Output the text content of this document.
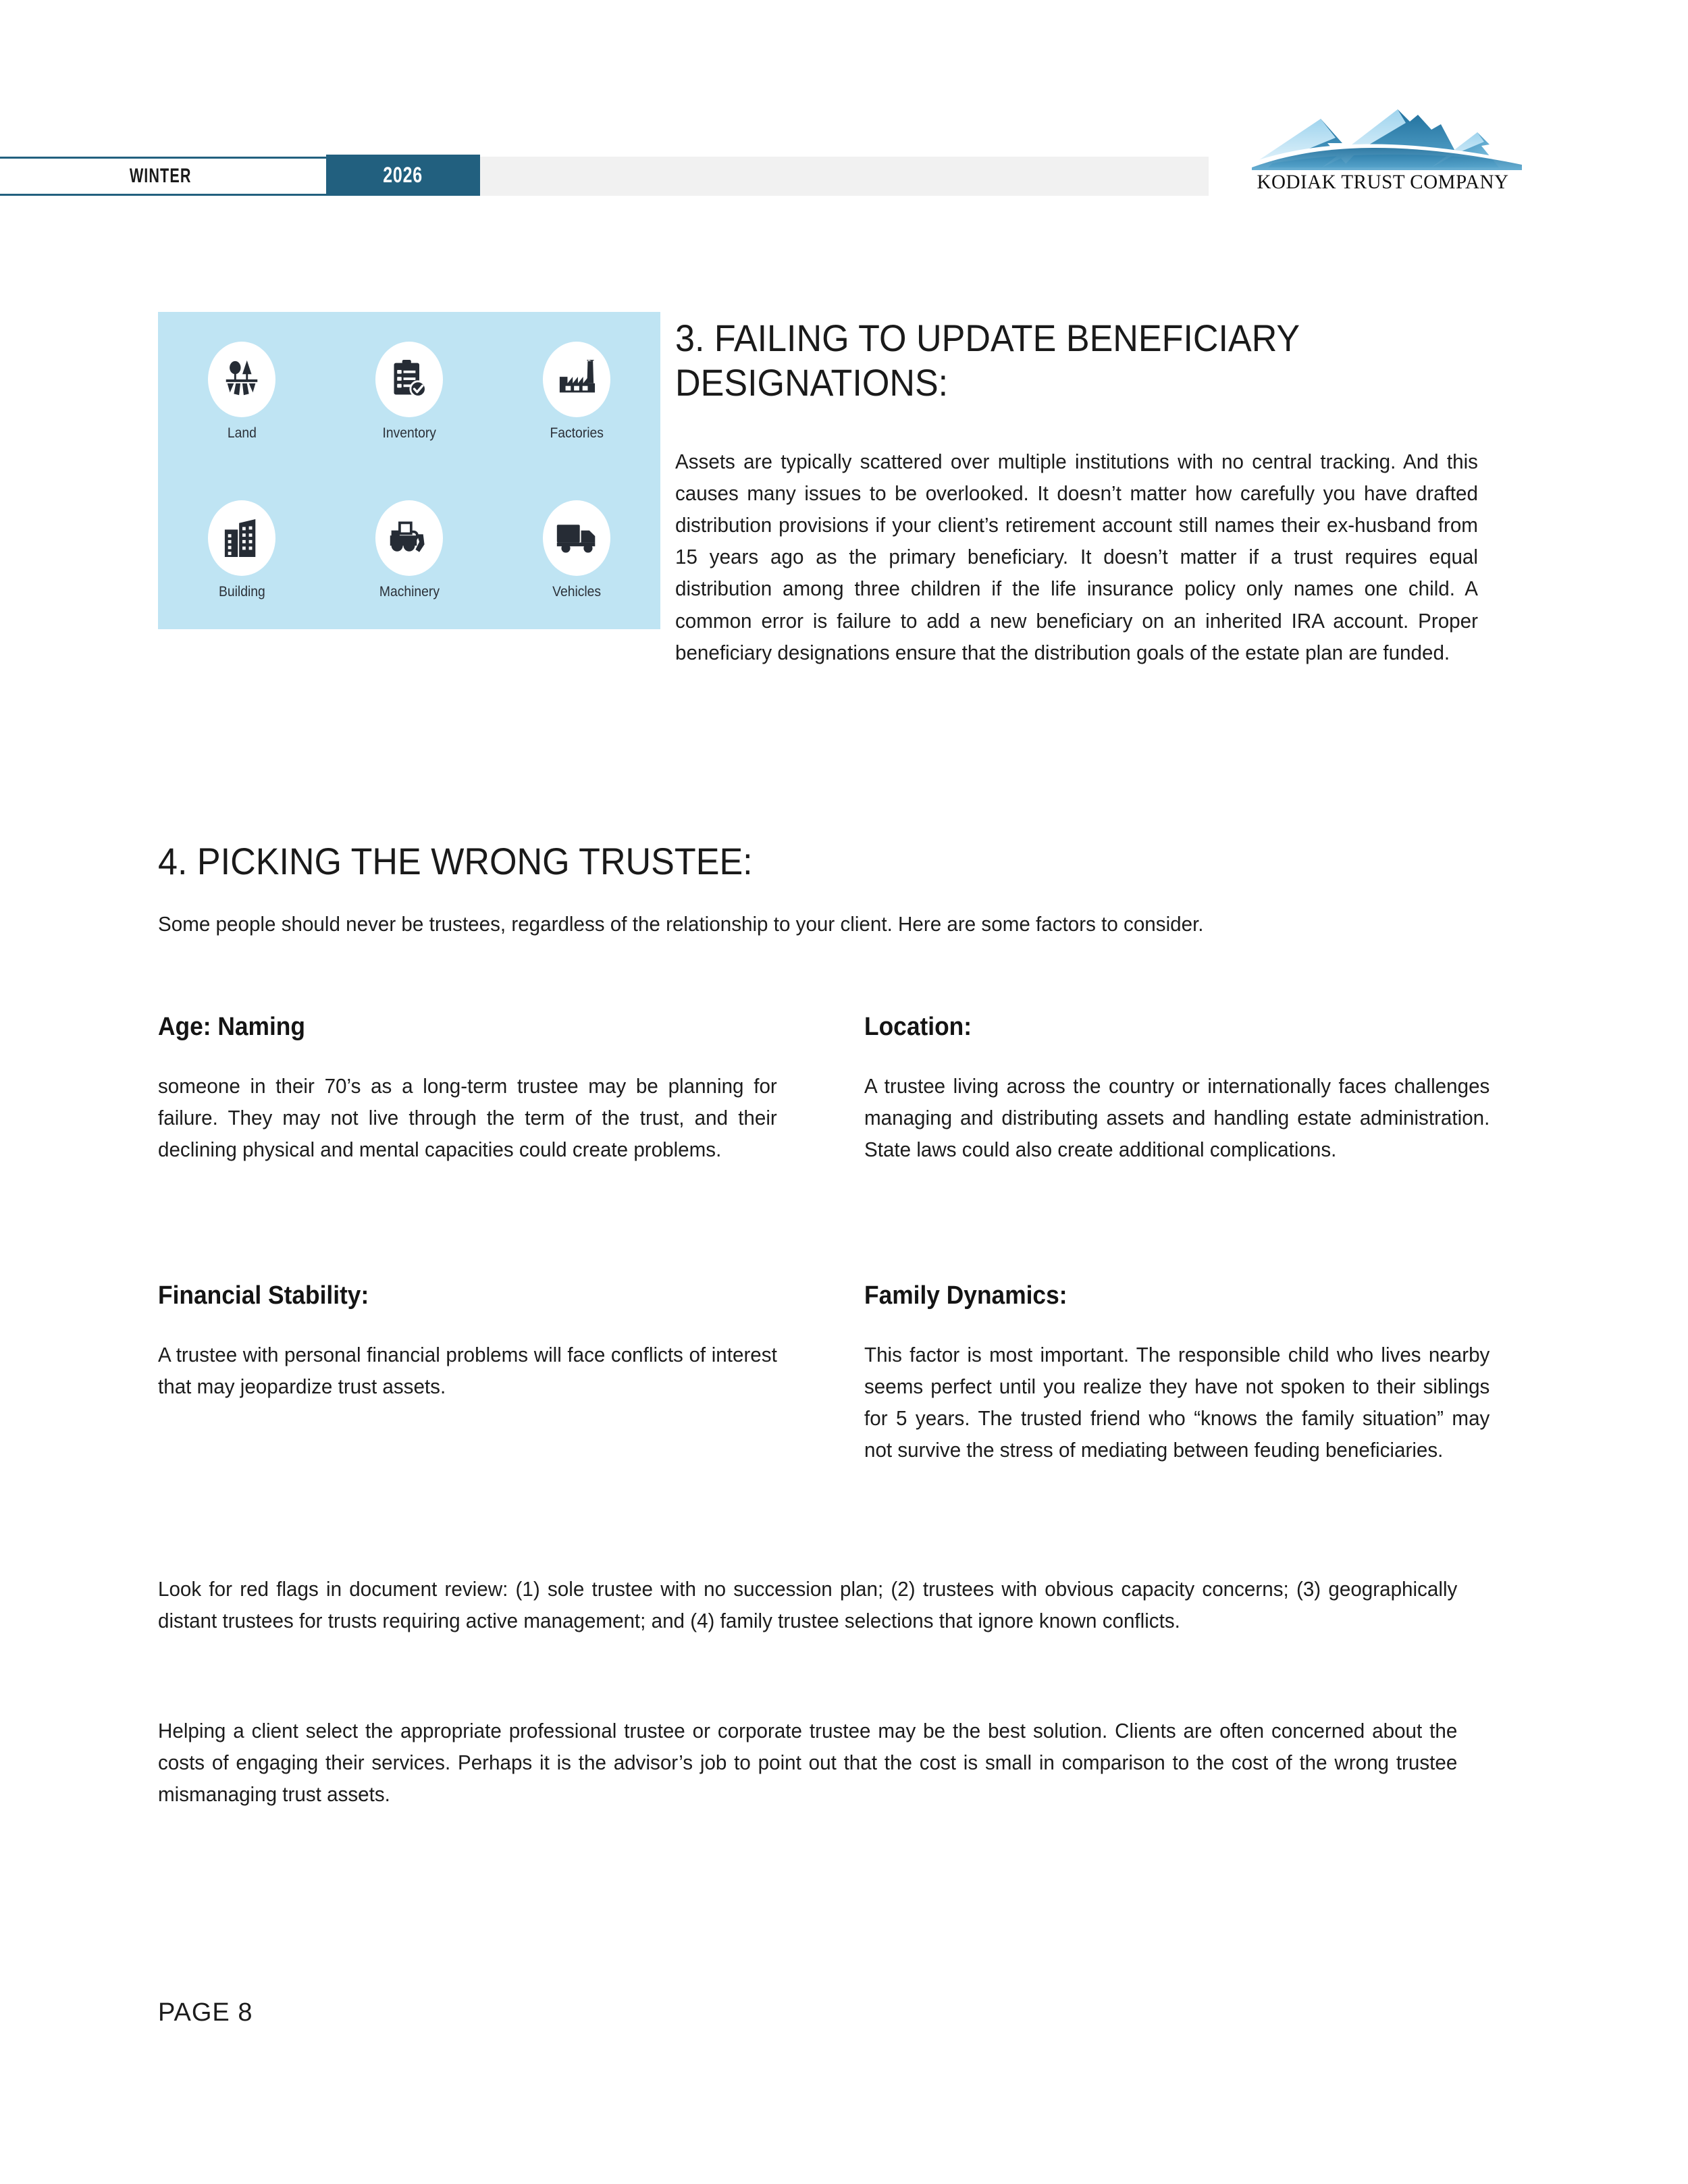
WINTER	2026	KODIAK TRUST COMPANY
Land	Inventory	Factories
Building	Machinery	Vehicles
3. FAILING TO UPDATE BENEFICIARY DESIGNATIONS:
Assets are typically scattered over multiple institutions with no central tracking. And this causes many issues to be overlooked. It doesn’t matter how carefully you have drafted distribution provisions if your client’s retirement account still names their ex-husband from 15 years ago as the primary beneficiary. It doesn’t matter if a trust requires equal distribution among three children if the life insurance policy only names one child. A common error is failure to add a new beneficiary on an inherited IRA account. Proper beneficiary designations ensure that the distribution goals of the estate plan are funded.
4. PICKING THE WRONG TRUSTEE:
Some people should never be trustees, regardless of the relationship to your client. Here are some factors to consider.
Age: Naming
someone in their 70’s as a long-term trustee may be planning for failure. They may not live through the term of the trust, and their declining physical and mental capacities could create problems.
Location:
A trustee living across the country or internationally faces challenges managing and distributing assets and handling estate administration. State laws could also create additional complications.
Financial Stability:
A trustee with personal financial problems will face conflicts of interest that may jeopardize trust assets.
Family Dynamics:
This factor is most important. The responsible child who lives nearby seems perfect until you realize they have not spoken to their siblings for 5 years. The trusted friend who “knows the family situation” may not survive the stress of mediating between feuding beneficiaries.
Look for red flags in document review: (1) sole trustee with no succession plan; (2) trustees with obvious capacity concerns; (3) geographically distant trustees for trusts requiring active management; and (4) family trustee selections that ignore known conflicts.
Helping a client select the appropriate professional trustee or corporate trustee may be the best solution. Clients are often concerned about the costs of engaging their services. Perhaps it is the advisor’s job to point out that the cost is small in comparison to the cost of the wrong trustee mismanaging trust assets.
PAGE 8
